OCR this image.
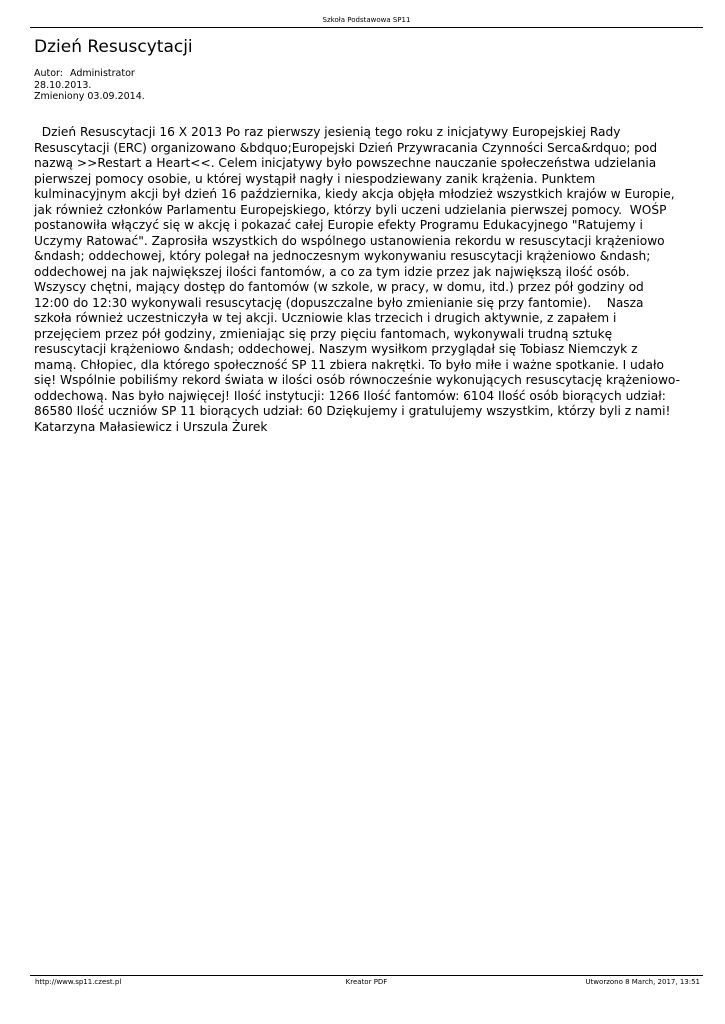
Szkoła Podstawowa SP11
Dzień Resuscytacji
Autor: Administrator
28.10.2013.
Zmieniony 03.09.2014.
Dzień Resuscytacji 16 X 2013 Po raz pierwszy jesienią tego roku z inicjatywy Europejskiej Rady
Resuscytacji (ERC) organizowano &bdquo;Europejski Dzień Przywracania Czynności Serca&rdquo; pod
nazwą >>Restart a Heart<<. Celem inicjatywy było powszechne nauczanie społeczeństwa udzielania
pierwszej pomocy osobie, u której wystąpił nagły i niespodziewany zanik krążenia. Punktem
kulminacyjnym akcji był dzień 16 października, kiedy akcja objęła młodzież wszystkich krajów w Europie,
jak również członków Parlamentu Europejskiego, którzy byli uczeni udzielania pierwszej pomocy.  WOŚP
postanowiła włączyć się w akcję i pokazać całej Europie efekty Programu Edukacyjnego "Ratujemy i
Uczymy Ratować". Zaprosiła wszystkich do wspólnego ustanowienia rekordu w resuscytacji krążeniowo
&ndash; oddechowej, który polegał na jednoczesnym wykonywaniu resuscytacji krążeniowo &ndash;
oddechowej na jak największej ilości fantomów, a co za tym idzie przez jak największą ilość osób.
Wszyscy chętni, mający dostęp do fantomów (w szkole, w pracy, w domu, itd.) przez pół godziny od
12:00 do 12:30 wykonywali resuscytację (dopuszczalne było zmienianie się przy fantomie).    Nasza
szkoła również uczestniczyła w tej akcji. Uczniowie klas trzecich i drugich aktywnie, z zapałem i
przejęciem przez pół godziny, zmieniając się przy pięciu fantomach, wykonywali trudną sztukę
resuscytacji krążeniowo &ndash; oddechowej. Naszym wysiłkom przyglądał się Tobiasz Niemczyk z
mamą. Chłopiec, dla którego społeczność SP 11 zbiera nakrętki. To było miłe i ważne spotkanie. I udało
się! Wspólnie pobiliśmy rekord świata w ilości osób równocześnie wykonujących resuscytację krążeniowo-
oddechową. Nas było najwięcej! Ilość instytucji: 1266 Ilość fantomów: 6104 Ilość osób biorących udział:
86580 Ilość uczniów SP 11 biorących udział: 60 Dziękujemy i gratulujemy wszystkim, którzy byli z nami!
Katarzyna Małasiewicz i Urszula Żurek
Kreator PDF
http://www.sp11.czest.pl	Utworzono 8 March, 2017, 13:51
